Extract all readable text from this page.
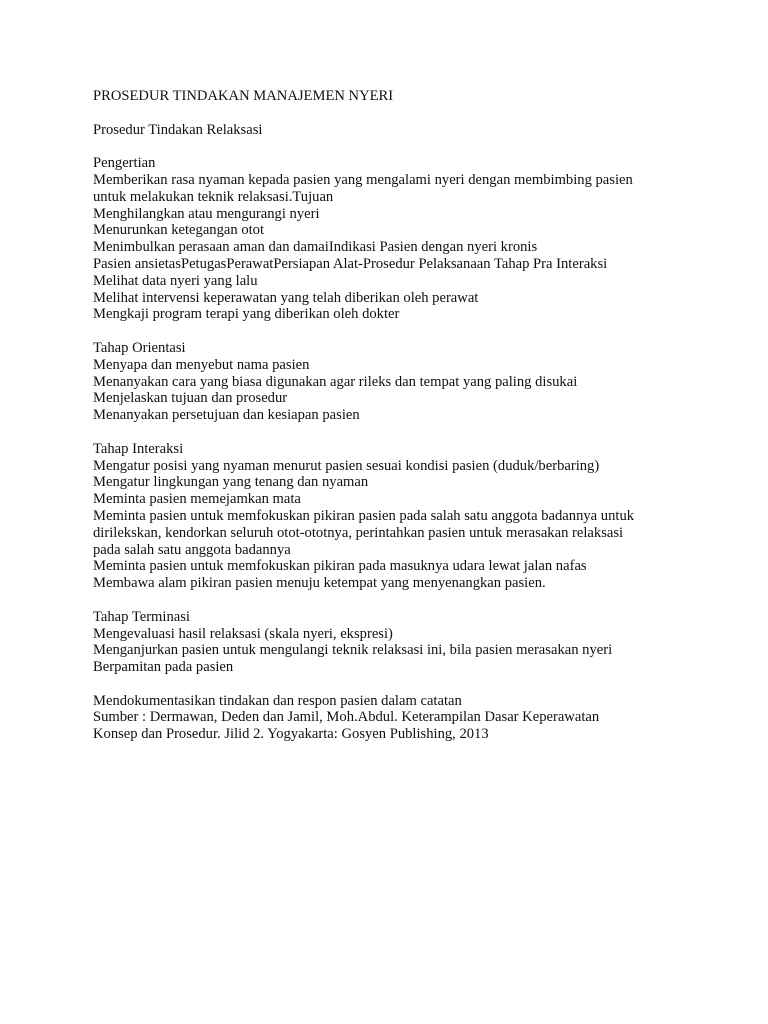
PROSEDUR TINDAKAN MANAJEMEN NYERI
Prosedur Tindakan Relaksasi
Pengertian
Memberikan rasa nyaman kepada pasien yang mengalami nyeri dengan membimbing pasien
untuk melakukan teknik relaksasi.Tujuan
Menghilangkan atau mengurangi nyeri
Menurunkan ketegangan otot
Menimbulkan perasaan aman dan damaiIndikasi Pasien dengan nyeri kronis
Pasien ansietasPetugasPerawatPersiapan Alat-Prosedur Pelaksanaan Tahap Pra Interaksi
Melihat data nyeri yang lalu
Melihat intervensi keperawatan yang telah diberikan oleh perawat
Mengkaji program terapi yang diberikan oleh dokter
Tahap Orientasi
Menyapa dan menyebut nama pasien
Menanyakan cara yang biasa digunakan agar rileks dan tempat yang paling disukai
Menjelaskan tujuan dan prosedur
Menanyakan persetujuan dan kesiapan pasien
Tahap Interaksi
Mengatur posisi yang nyaman menurut pasien sesuai kondisi pasien (duduk/berbaring)
Mengatur lingkungan yang tenang dan nyaman
Meminta pasien memejamkan mata
Meminta pasien untuk memfokuskan pikiran pasien pada salah satu anggota badannya untuk
dirilekskan, kendorkan seluruh otot-ototnya, perintahkan pasien untuk merasakan relaksasi
pada salah satu anggota badannya
Meminta pasien untuk memfokuskan pikiran pada masuknya udara lewat jalan nafas
Membawa alam pikiran pasien menuju ketempat yang menyenangkan pasien.
Tahap Terminasi
Mengevaluasi hasil relaksasi (skala nyeri, ekspresi)
Menganjurkan pasien untuk mengulangi teknik relaksasi ini, bila pasien merasakan nyeri
Berpamitan pada pasien
Mendokumentasikan tindakan dan respon pasien dalam catatan
Sumber : Dermawan, Deden dan Jamil, Moh.Abdul. Keterampilan Dasar Keperawatan
Konsep dan Prosedur. Jilid 2. Yogyakarta: Gosyen Publishing, 2013
